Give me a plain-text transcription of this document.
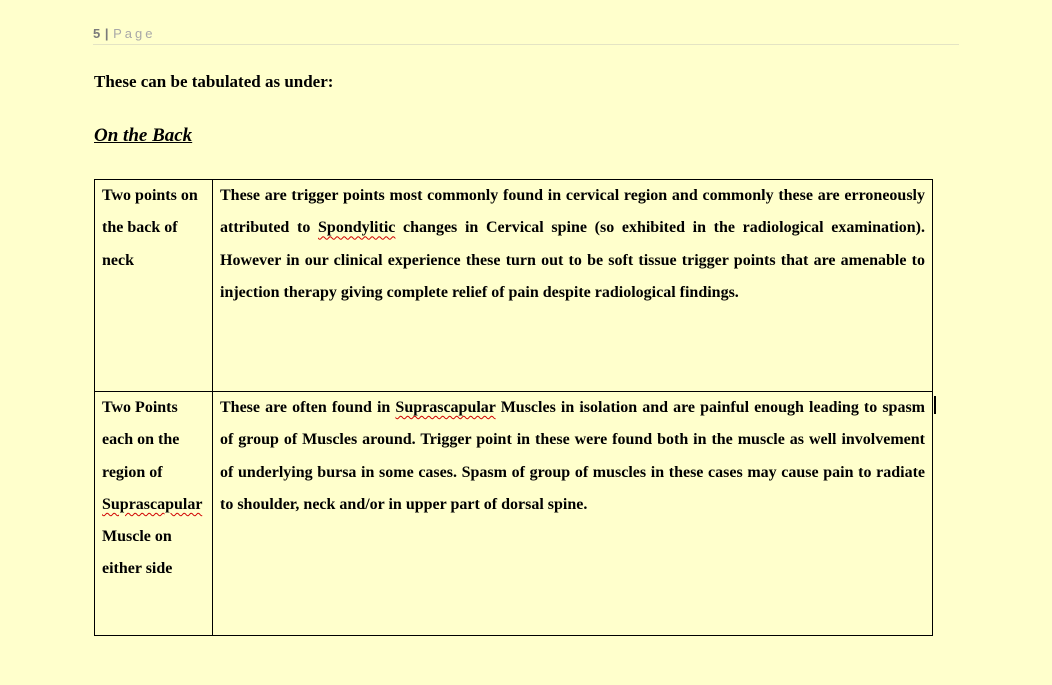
5 | Page
These can be tabulated as under:
On the Back
Two points on the back of neck	These are trigger points most commonly found in cervical region and commonly these are erroneously attributed to Spondylitic changes in Cervical spine (so exhibited in the radiological examination). However in our clinical experience these turn out to be soft tissue trigger points that are amenable to injection therapy giving complete relief of pain despite radiological findings.
Two Points each on the region of Suprascapular Muscle on either side	These are often found in Suprascapular Muscles in isolation and are painful enough leading to spasm of group of Muscles around. Trigger point in these were found both in the muscle as well involvement of underlying bursa in some cases. Spasm of group of muscles in these cases may cause pain to radiate to shoulder, neck and/or in upper part of dorsal spine.
